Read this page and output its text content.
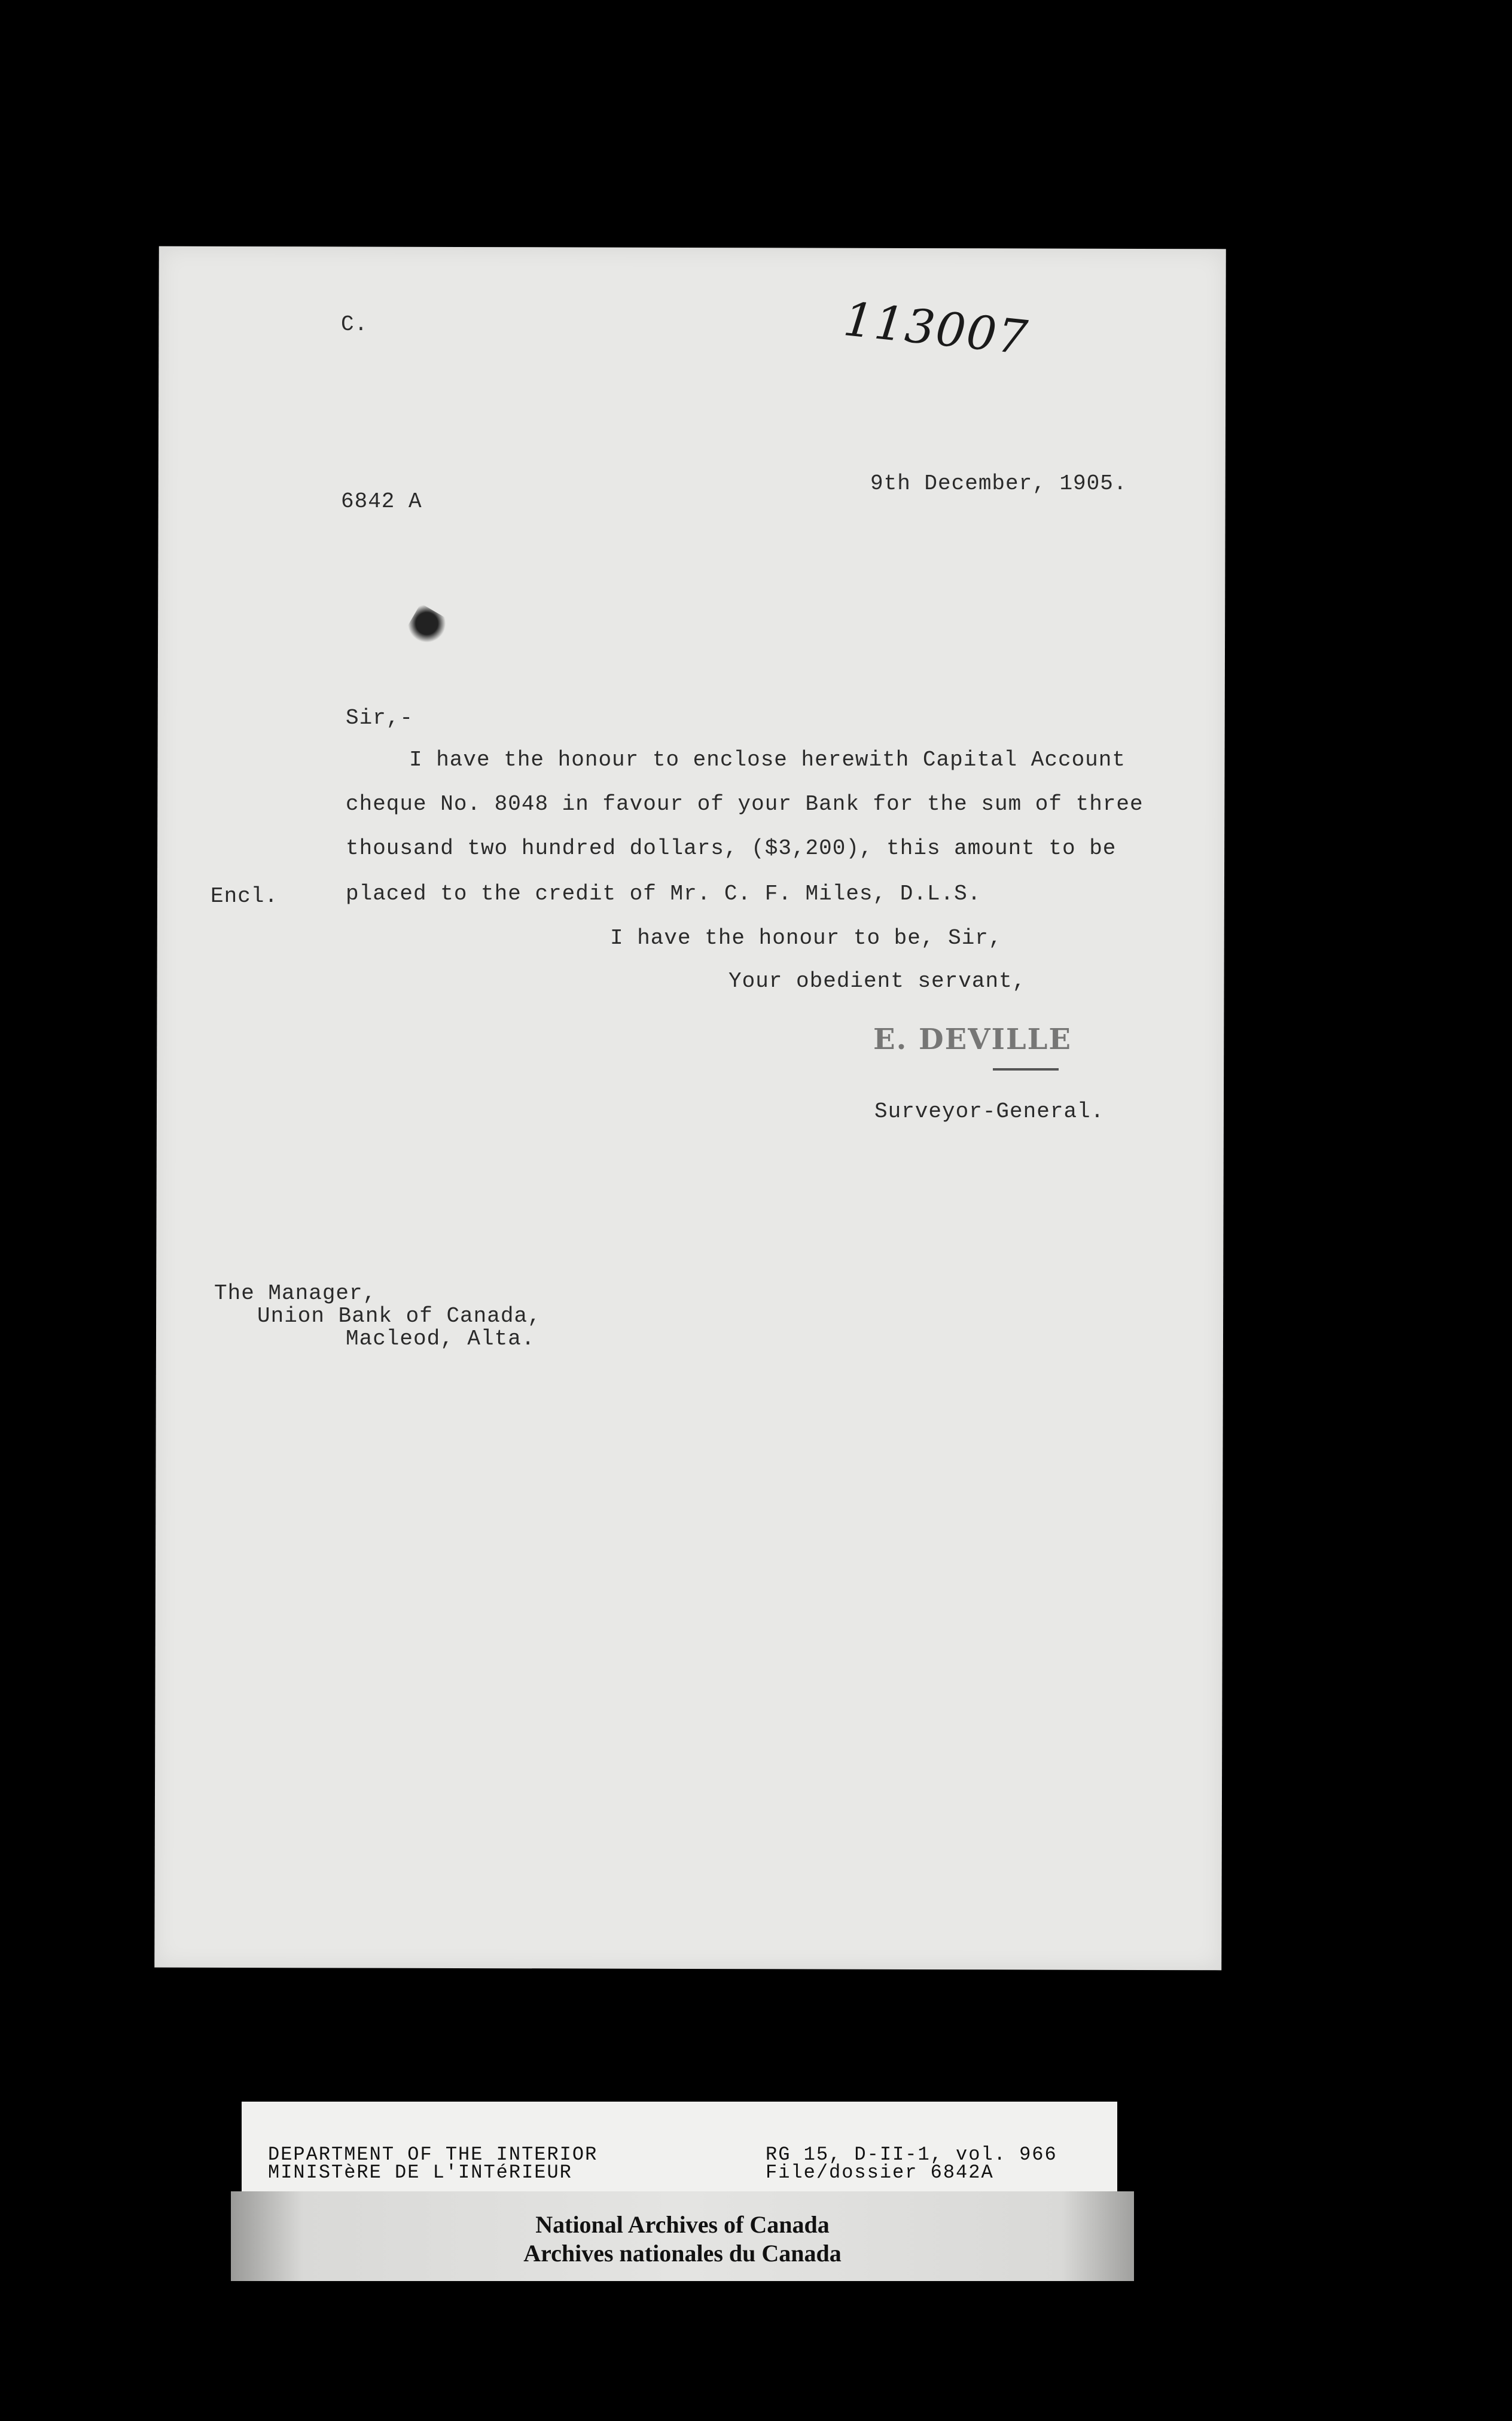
C.	113007
6842 A
9th December, 1905.
Sir,-
I have the honour to enclose herewith Capital Account
cheque No. 8048 in favour of your Bank for the sum of three
thousand two hundred dollars, ($3,200), this amount to be
placed to the credit of Mr. C. F. Miles, D.L.S.
Encl.
I have the honour to be, Sir,
Your obedient servant,
E. DEVILLE
Surveyor-General.
The Manager,
Union Bank of Canada,
Macleod, Alta.
DEPARTMENT OF THE INTERIOR
MINISTèRE DE L'INTéRIEUR
RG 15, D-II-1, vol. 966
File/dossier 6842A
National Archives of Canada
Archives nationales du Canada
